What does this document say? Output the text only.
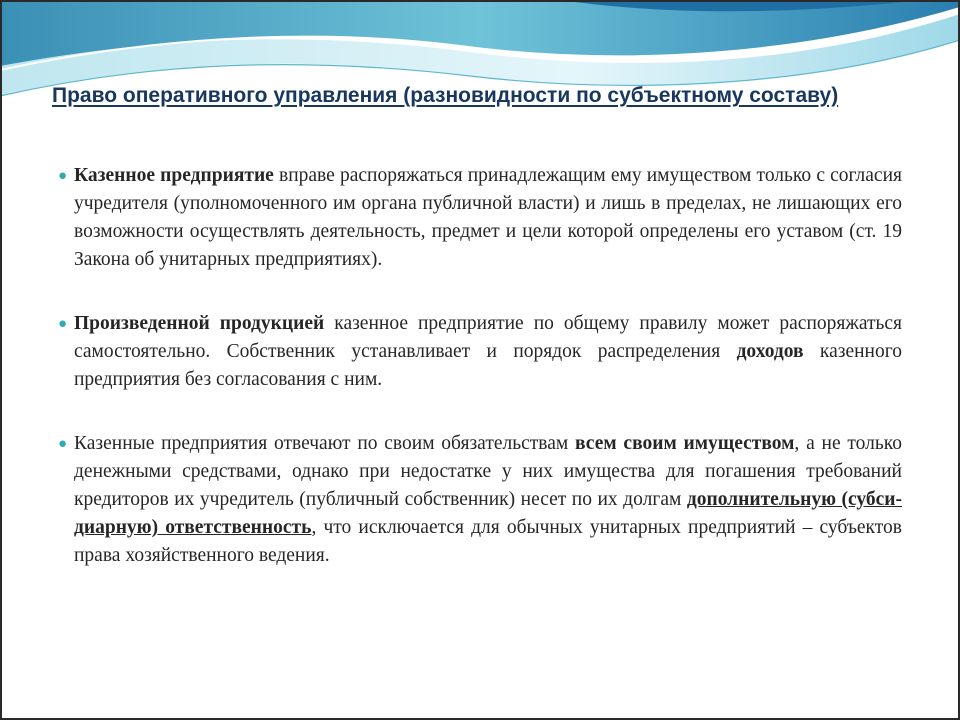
Право оперативного управления (разновидности по субъектному составу)

● Казенное предприятие вправе распоряжаться принадлежащим ему имуществом только с согласия учредителя (уполномоченного им органа публичной власти) и лишь в пределах, не лишающих его возможности осуществлять деятельность, предмет и цели которой определены его уставом (ст. 19 Закона об унитарных предприятиях).

● Произведенной продукцией казенное предприятие по общему правилу может распоряжаться самостоятельно. Собственник устанавливает и порядок распределения доходов казенного предприятия без согласования с ним.

● Казенные предприятия отвечают по своим обязательствам всем своим имуществом, а не только денежными средствами, однако при недостатке у них имущества для погашения требований кредиторов их учредитель (публичный собственник) несет по их долгам дополнительную (субси-диарную) ответственность, что исключается для обычных унитарных предприятий – субъектов права хозяйственного ведения.
